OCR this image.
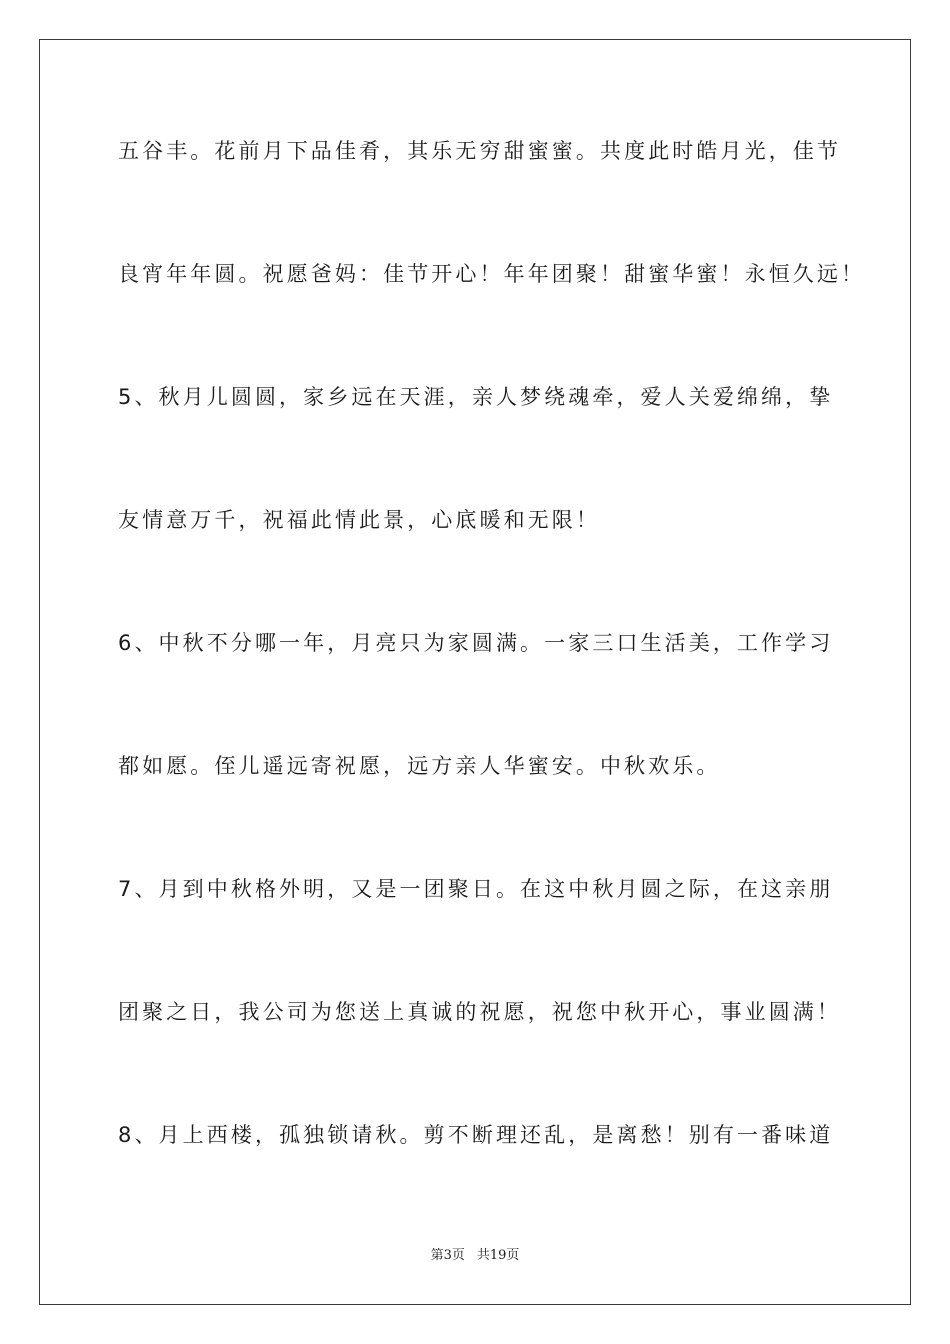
五谷丰。花前月下品佳肴，其乐无穷甜蜜蜜。共度此时皓月光，佳节
良宵年年圆。祝愿爸妈：佳节开心！年年团聚！甜蜜华蜜！永恒久远！
5、秋月儿圆圆，家乡远在天涯，亲人梦绕魂牵，爱人关爱绵绵，挚
友情意万千，祝福此情此景，心底暖和无限！
6、中秋不分哪一年，月亮只为家圆满。一家三口生活美，工作学习
都如愿。侄儿遥远寄祝愿，远方亲人华蜜安。中秋欢乐。
7、月到中秋格外明，又是一团聚日。在这中秋月圆之际，在这亲朋
团聚之日，我公司为您送上真诚的祝愿，祝您中秋开心，事业圆满！
8、月上西楼，孤独锁请秋。剪不断理还乱，是离愁！别有一番味道
第3页 共19页
